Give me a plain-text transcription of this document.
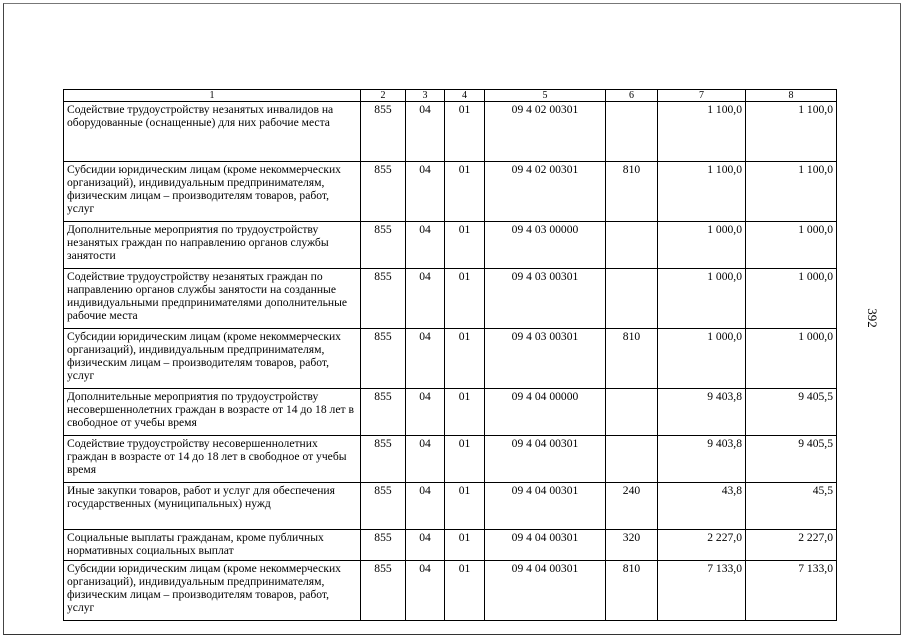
392
1	2	3	4	5	6	7	8
Содействие трудоустройству незанятых инвалидов на оборудованные (оснащенные) для них рабочие места	855	04	01	09 4 02 00301		1 100,0	1 100,0
Субсидии юридическим лицам (кроме некоммерческих организаций), индивидуальным предпринимателям, физическим лицам – производителям товаров, работ, услуг	855	04	01	09 4 02 00301	810	1 100,0	1 100,0
Дополнительные мероприятия по трудоустройству незанятых граждан по направлению органов службы занятости	855	04	01	09 4 03 00000		1 000,0	1 000,0
Содействие трудоустройству незанятых граждан по направлению органов службы занятости на созданные индивидуальными предпринимателями дополнительные рабочие места	855	04	01	09 4 03 00301		1 000,0	1 000,0
Субсидии юридическим лицам (кроме некоммерческих организаций), индивидуальным предпринимателям, физическим лицам – производителям товаров, работ, услуг	855	04	01	09 4 03 00301	810	1 000,0	1 000,0
Дополнительные мероприятия по трудоустройству несовершеннолетних граждан в возрасте от 14 до 18 лет в свободное от учебы время	855	04	01	09 4 04 00000		9 403,8	9 405,5
Содействие трудоустройству несовершеннолетних граждан в возрасте от 14 до 18 лет в свободное от учебы время	855	04	01	09 4 04 00301		9 403,8	9 405,5
Иные закупки товаров, работ и услуг для обеспечения государственных (муниципальных) нужд	855	04	01	09 4 04 00301	240	43,8	45,5
Социальные выплаты гражданам, кроме публичных нормативных социальных выплат	855	04	01	09 4 04 00301	320	2 227,0	2 227,0
Субсидии юридическим лицам (кроме некоммерческих организаций), индивидуальным предпринимателям, физическим лицам – производителям товаров, работ, услуг	855	04	01	09 4 04 00301	810	7 133,0	7 133,0
